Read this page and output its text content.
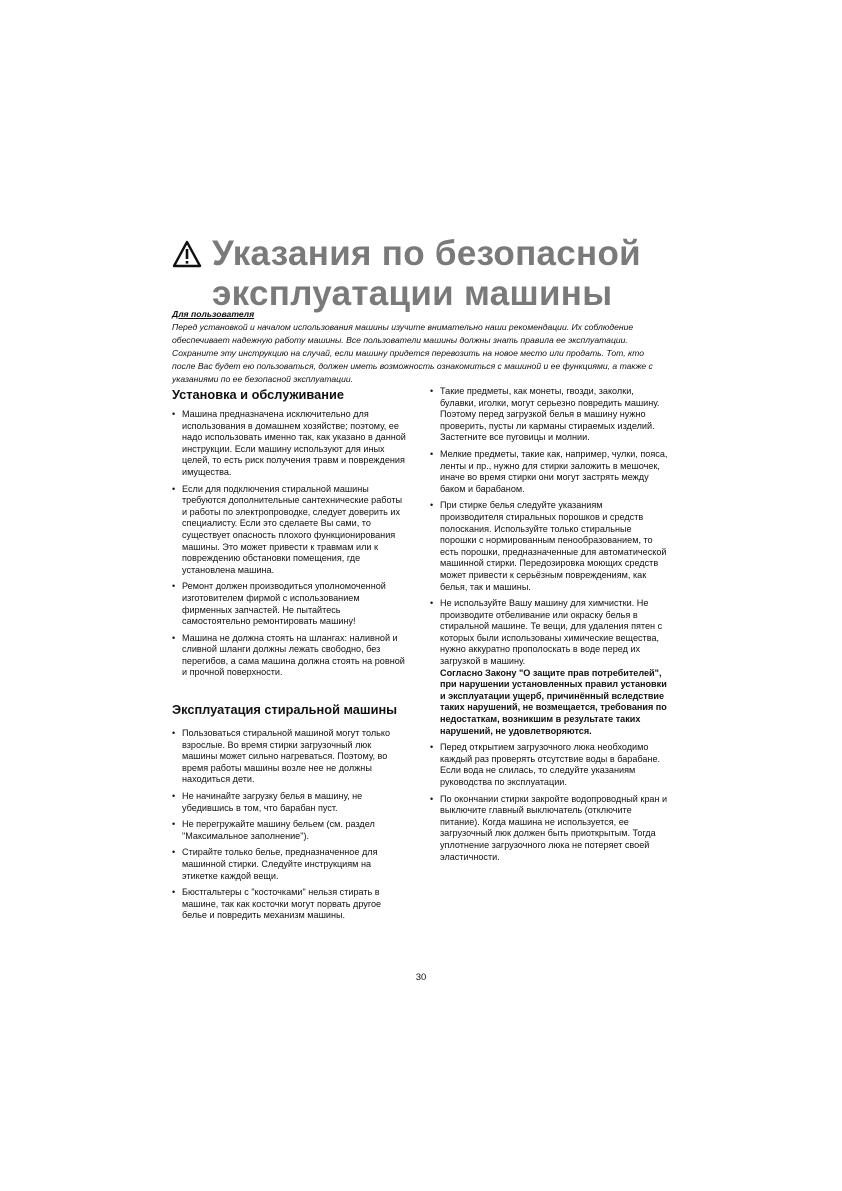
Указания по безопасной
эксплуатации машины

Для пользователя

Перед установкой и началом использования машины изучите внимательно наши рекомендации. Их соблюдение обеспечивает надежную работу машины. Все пользователи машины должны знать правила ее эксплуатации. Сохраните эту инструкцию на случай, если машину придется перевозить на новое место или продать. Тот, кто после Вас будет ею пользоваться, должен иметь возможность ознакомиться с машиной и ее функциями, а также с указаниями по ее безопасной эксплуатации.

Установка и обслуживание
• Машина предназначена исключительно для использования в домашнем хозяйстве; поэтому, ее надо использовать именно так, как указано в данной инструкции. Если машину используют для иных целей, то есть риск получения травм и повреждения имущества.
• Если для подключения стиральной машины требуются дополнительные сантехнические работы и работы по электропроводке, следует доверить их специалисту. Если это сделаете Вы сами, то существует опасность плохого функционирования машины. Это может привести к травмам или к повреждению обстановки помещения, где установлена машина.
• Ремонт должен производиться уполномоченной изготовителем фирмой с использованием фирменных запчастей. Не пытайтесь самостоятельно ремонтировать машину!
• Машина не должна стоять на шлангах: наливной и сливной шланги должны лежать свободно, без перегибов, а сама машина должна стоять на ровной и прочной поверхности.
Эксплуатация стиральной машины
• Пользоваться стиральной машиной могут только взрослые. Во время стирки загрузочный люк машины может сильно нагреваться. Поэтому, во время работы машины возле нее не должны находиться дети.
• Не начинайте загрузку белья в машину, не убедившись в том, что барабан пуст.
• Не перегружайте машину бельем (см. раздел "Максимальное заполнение").
• Стирайте только белье, предназначенное для машинной стирки. Следуйте инструкциям на этикетке каждой вещи.
• Бюстгальтеры с "косточками" нельзя стирать в машине, так как косточки могут порвать другое белье и повредить механизм машины.
• Такие предметы, как монеты, гвозди, заколки, булавки, иголки, могут серьезно повредить машину. Поэтому перед загрузкой белья в машину нужно проверить, пусты ли карманы стираемых изделий. Застегните все пуговицы и молнии.
• Мелкие предметы, такие как, например, чулки, пояса, ленты и пр., нужно для стирки заложить в мешочек, иначе во время стирки они могут застрять между баком и барабаном.
• При стирке белья следуйте указаниям производителя стиральных порошков и средств полоскания. Используйте только стиральные порошки с нормированным пенообразованием, то есть порошки, предназначенные для автоматической машинной стирки. Передозировка моющих средств может привести к серьёзным повреждениям, как белья, так и машины.
• Не используйте Вашу машину для химчистки. Не производите отбеливание или окраску белья в стиральной машине. Те вещи, для удаления пятен с которых были использованы химические вещества, нужно аккуратно прополоскать в воде перед их загрузкой в машину.
Согласно Закону "О защите прав потребителей", при нарушении установленных правил установки и эксплуатации ущерб, причинённый вследствие таких нарушений, не возмещается, требования по недостаткам, возникшим в результате таких нарушений, не удовлетворяются.
• Перед открытием загрузочного люка необходимо каждый раз проверять отсутствие воды в барабане. Если вода не слилась, то следуйте указаниям руководства по эксплуатации.
• По окончании стирки закройте водопроводный кран и выключите главный выключатель (отключите питание). Когда машина не используется, ее загрузочный люк должен быть приоткрытым. Тогда уплотнение загрузочного люка не потеряет своей эластичности.
30
